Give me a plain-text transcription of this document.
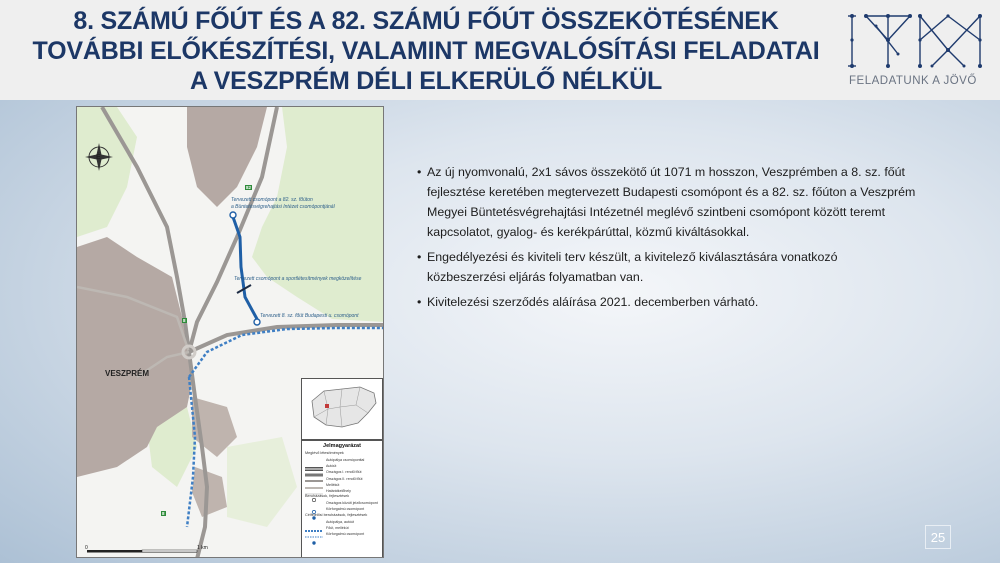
8. SZÁMÚ FŐÚT ÉS A 82. SZÁMÚ FŐÚT ÖSSZEKÖTÉSÉNEK
TOVÁBBI ELŐKÉSZÍTÉSI, VALAMINT MEGVALÓSÍTÁSI FELADATAI
A VESZPRÉM DÉLI ELKERÜLŐ NÉLKÜL	FELADATUNK A JÖVŐ
É
82
8
8
Tervezett csomópont a 82. sz. főúton
a Büntetésvégrehajtási Intézet csomópontjánál
Tervezett csomópont a sportlétesítmények megközelítése
Tervezett 8. sz. főút Budapesti u. csomópont
VESZPRÉM
0	1 km
Jelmagyarázat
Meglévő létesítmények
Autópálya csomóponttal
Autóút
Országos I. rendű főút
Országos II. rendű főút
Mellékút
Határátkelőhely
Beruházások, fejlesztések
Országos közúti jelzőcsomópont
Körforgalmú csomópont
Célfelelősi beruházások, fejlesztések
Autópálya, autóút
Főút, mellékút
Körforgalmú csomópont
• Az új nyomvonalú, 2x1 sávos összekötő út 1071 m hosszon, Veszprémben a 8. sz. főút fejlesztése keretében megtervezett Budapesti csomópont és a 82. sz. főúton a Veszprém Megyei Büntetésvégrehajtási Intézetnél meglévő szintbeni csomópont között teremt kapcsolatot, gyalog- és kerékpárúttal, közmű kiváltásokkal.
• Engedélyezési és kiviteli terv készült, a kivitelező kiválasztására vonatkozó közbeszerzési eljárás folyamatban van.
• Kivitelezési szerződés aláírása 2021. decemberben várható.
25
